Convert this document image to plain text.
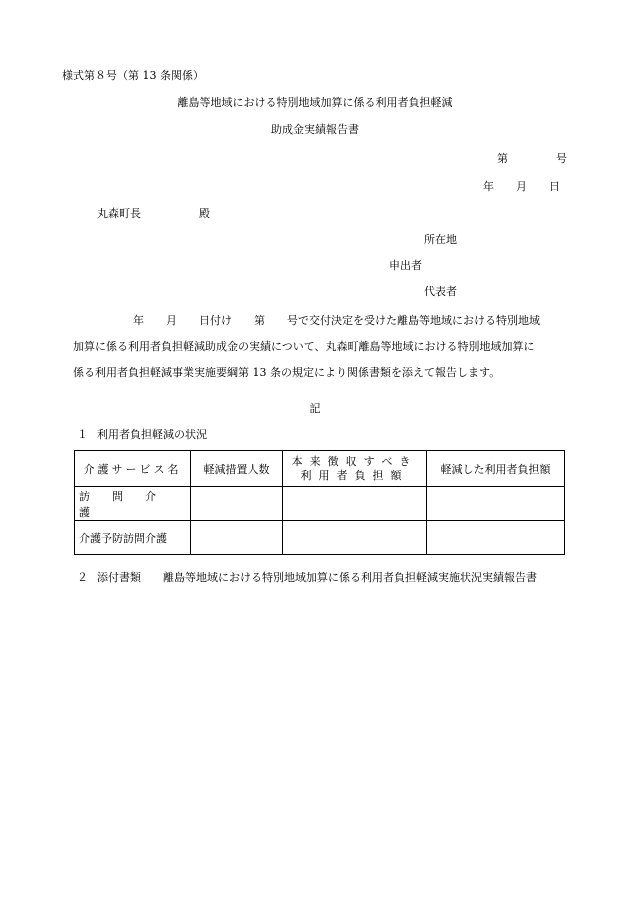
様式第８号（第 13 条関係）
離島等地域における特別地域加算に係る利用者負担軽減
助成金実績報告書
第	号
年 月 日
丸森町長	殿
所在地
申出者
代表者
年 月 日付け 第 号で交付決定を受けた離島等地域における特別地域
加算に係る利用者負担軽減助成金の実績について、丸森町離島等地域における特別地域加算に
係る利用者負担軽減事業実施要綱第 13 条の規定により関係書類を添えて報告します。
記
１ 利用者負担軽減の状況
介護サービス名	軽減措置人数	本来徴収すべき
利用者負担額	軽減した利用者負担額
訪問介護			
介護予防訪問介護			
２ 添付書類 離島等地域における特別地域加算に係る利用者負担軽減実施状況実績報告書
